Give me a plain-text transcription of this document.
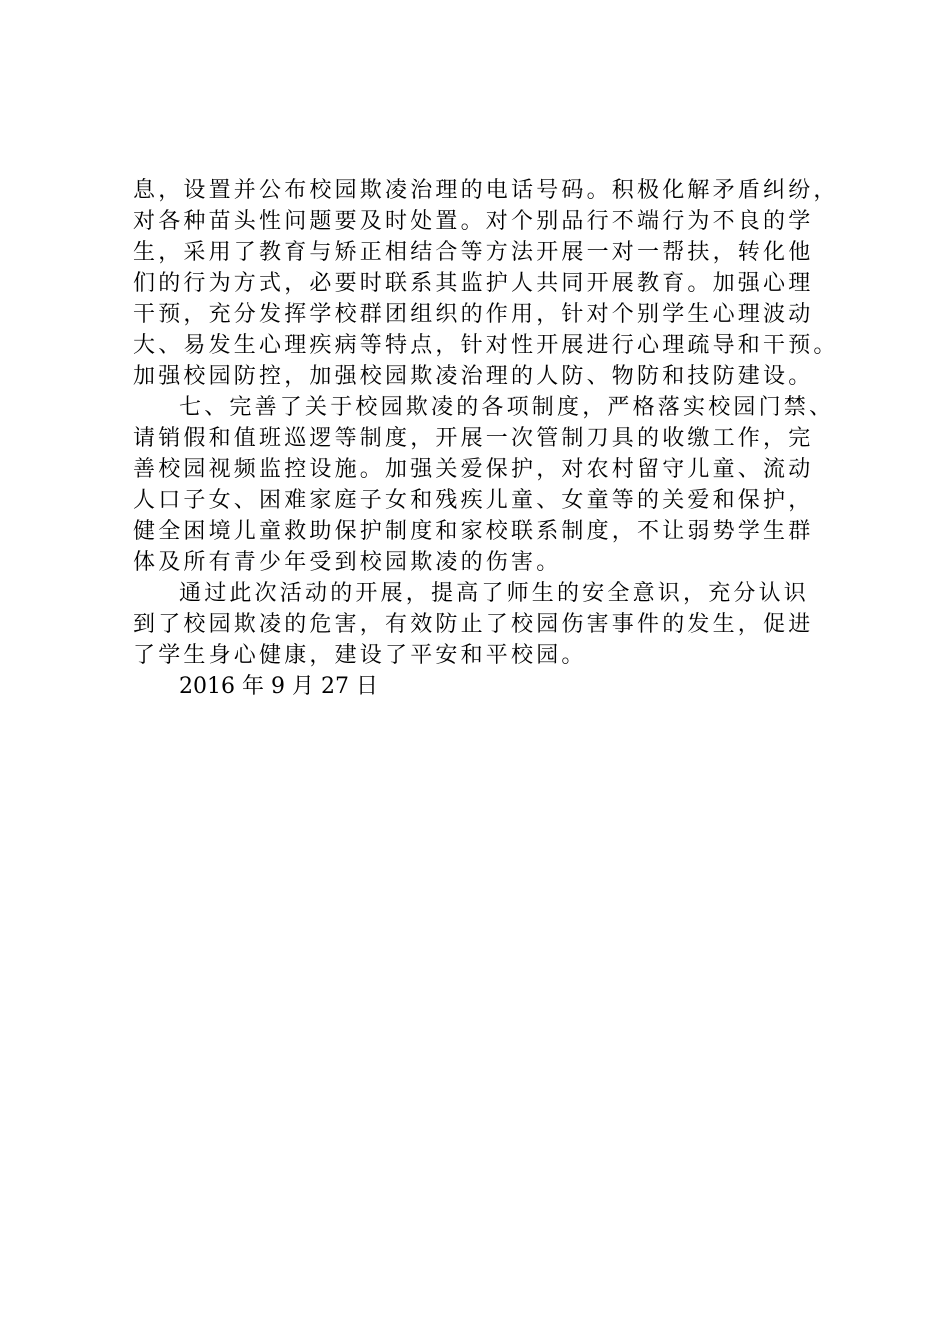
息，设置并公布校园欺凌治理的电话号码。积极化解矛盾纠纷，
对各种苗头性问题要及时处置。对个别品行不端行为不良的学
生，采用了教育与矫正相结合等方法开展一对一帮扶，转化他
们的行为方式，必要时联系其监护人共同开展教育。加强心理
干预，充分发挥学校群团组织的作用，针对个别学生心理波动
大、易发生心理疾病等特点，针对性开展进行心理疏导和干预。
加强校园防控，加强校园欺凌治理的人防、物防和技防建设。
七、完善了关于校园欺凌的各项制度，严格落实校园门禁、
请销假和值班巡逻等制度，开展一次管制刀具的收缴工作，完
善校园视频监控设施。加强关爱保护，对农村留守儿童、流动
人口子女、困难家庭子女和残疾儿童、女童等的关爱和保护，
健全困境儿童救助保护制度和家校联系制度，不让弱势学生群
体及所有青少年受到校园欺凌的伤害。
通过此次活动的开展，提高了师生的安全意识，充分认识
到了校园欺凌的危害，有效防止了校园伤害事件的发生，促进
了学生身心健康，建设了平安和平校园。
2016 年 9 月 27 日
